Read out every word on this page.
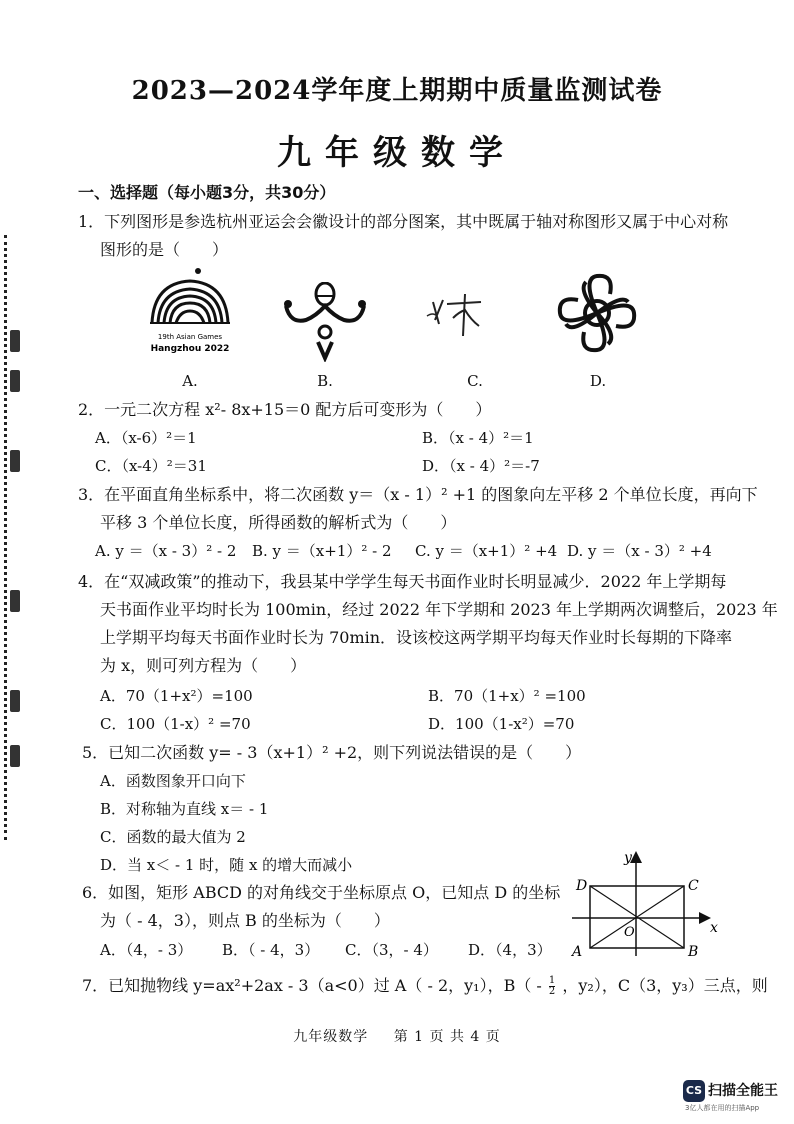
2023—2024学年度上期期中质量监测试卷
九年级数学
一、选择题（每小题3分，共30分）
1．下列图形是参选杭州亚运会会徽设计的部分图案，其中既属于轴对称图形又属于中心对称
图形的是（　　）
19th Asian Games
Hangzhou 2022
A.	B.	C.	D.
2．一元二次方程 x²- 8x+15＝0 配方后可变形为（　　）
A．（x-6）²＝1	B．（x - 4）²＝1
C．（x-4）²＝31	D．（x - 4）²＝-7
3．在平面直角坐标系中，将二次函数 y＝（x - 1）² +1 的图象向左平移 2 个单位长度，再向下
平移 3 个单位长度，所得函数的解析式为（　　）
A. y ＝（x - 3）² - 2 B. y ＝（x+1）² - 2 C. y ＝（x+1）² +4 D. y ＝（x - 3）² +4
4．在“双减政策”的推动下，我县某中学学生每天书面作业时长明显减少．2022 年上学期每
天书面作业平均时长为 100min，经过 2022 年下学期和 2023 年上学期两次调整后，2023 年
上学期平均每天书面作业时长为 70min．设该校这两学期平均每天作业时长每期的下降率
为 x，则可列方程为（　　）
A．70（1+x²）=100	B．70（1+x）² =100
C．100（1-x）² =70	D．100（1-x²）=70
5．已知二次函数 y= - 3（x+1）² +2，则下列说法错误的是（　　）
A．函数图象开口向下
B．对称轴为直线 x＝ - 1
C．函数的最大值为 2
D．当 x＜ - 1 时，随 x 的增大而减小
6．如图，矩形 ABCD 的对角线交于坐标原点 O，已知点 D 的坐标
为（ - 4，3），则点 B 的坐标为（　　）
A．（4，- 3） B．（ - 4，3） C．（3，- 4） D．（4，3）
y
x
D	C
A	B
O
7．已知抛物线 y=ax²+2ax - 3（a<0）过 A（ - 2，y₁），$B( - \frac{1}{2}$ ，y₂），C（3，y₃）三点，则
九年级数学 第 1 页 共 4 页
CS 扫描全能王
3亿人都在用的扫描App
